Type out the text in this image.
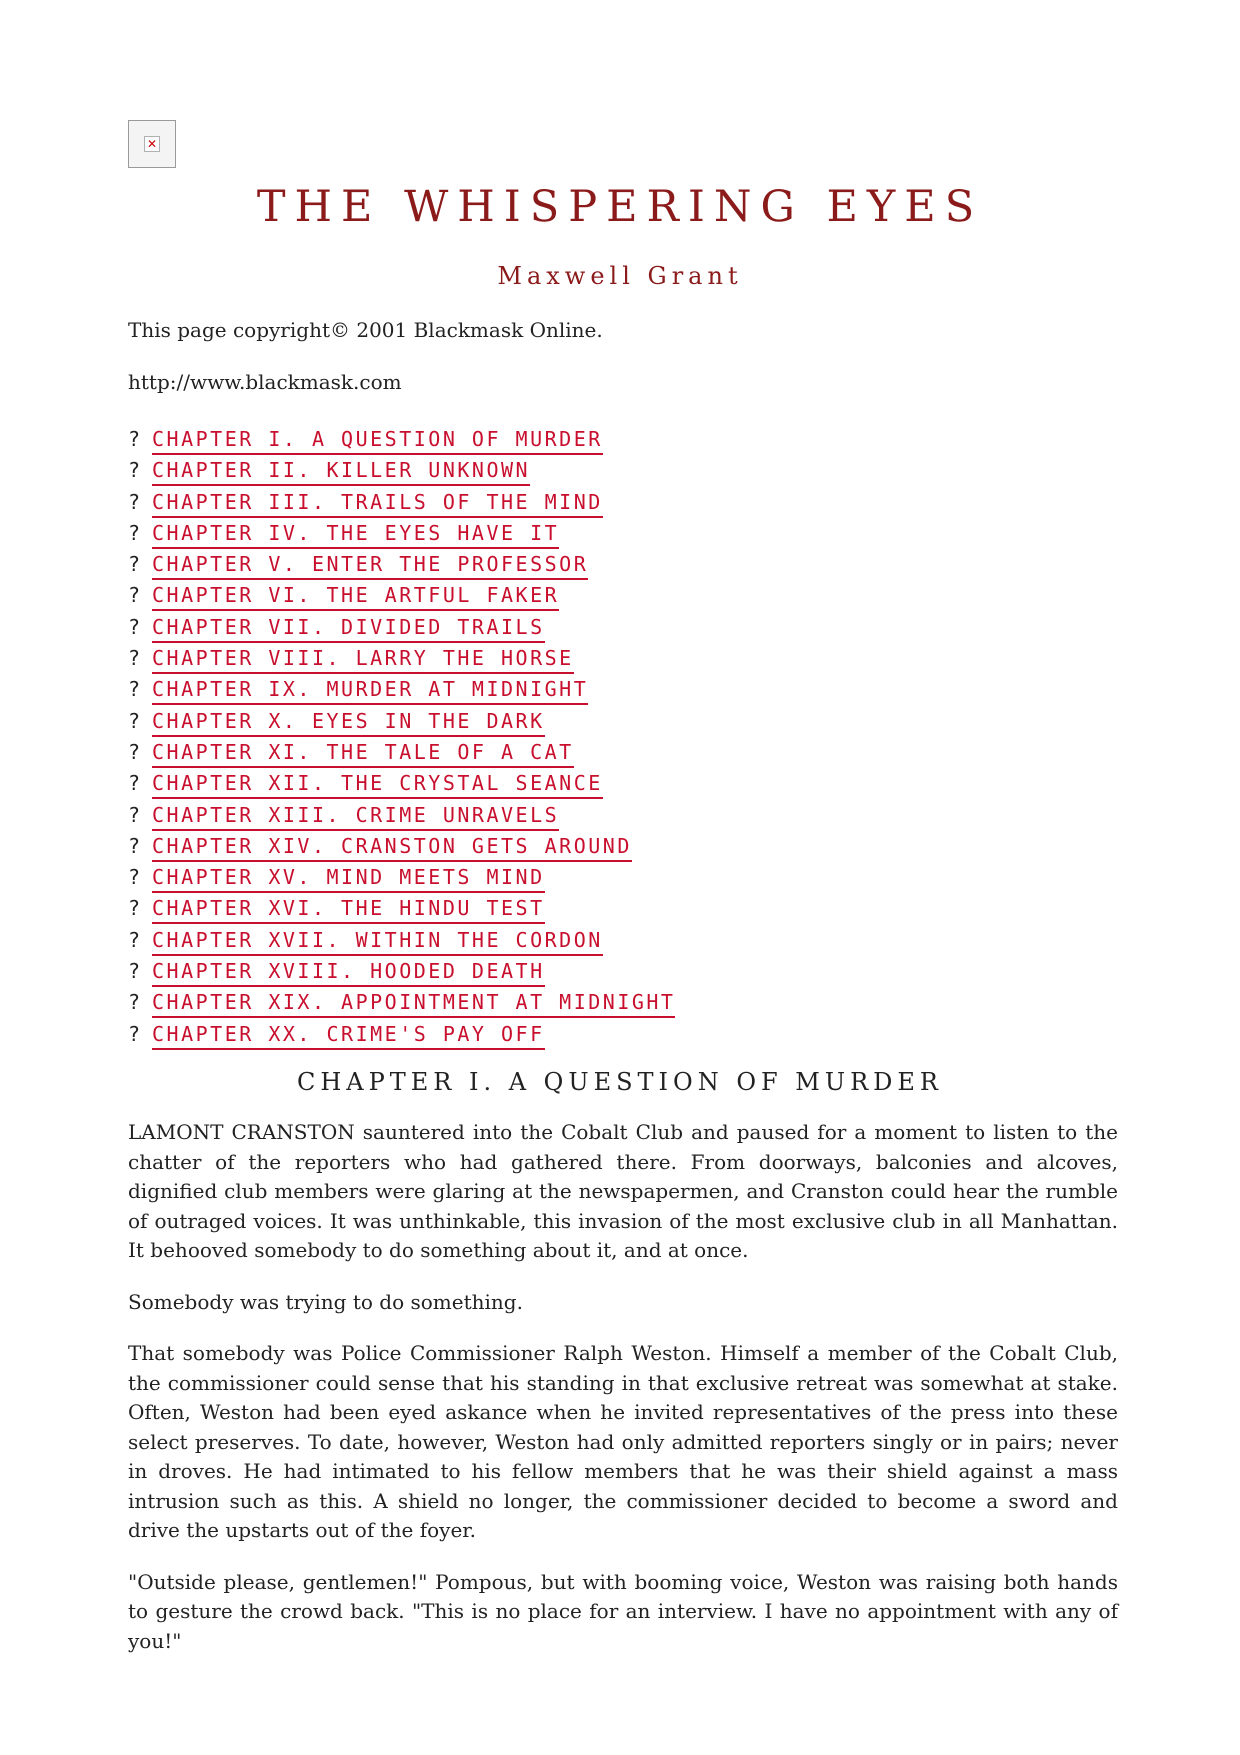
✕
THE WHISPERING EYES
Maxwell Grant
This page copyright© 2001 Blackmask Online.
http://www.blackmask.com
? CHAPTER I. A QUESTION OF MURDER
? CHAPTER II. KILLER UNKNOWN
? CHAPTER III. TRAILS OF THE MIND
? CHAPTER IV. THE EYES HAVE IT
? CHAPTER V. ENTER THE PROFESSOR
? CHAPTER VI. THE ARTFUL FAKER
? CHAPTER VII. DIVIDED TRAILS
? CHAPTER VIII. LARRY THE HORSE
? CHAPTER IX. MURDER AT MIDNIGHT
? CHAPTER X. EYES IN THE DARK
? CHAPTER XI. THE TALE OF A CAT
? CHAPTER XII. THE CRYSTAL SEANCE
? CHAPTER XIII. CRIME UNRAVELS
? CHAPTER XIV. CRANSTON GETS AROUND
? CHAPTER XV. MIND MEETS MIND
? CHAPTER XVI. THE HINDU TEST
? CHAPTER XVII. WITHIN THE CORDON
? CHAPTER XVIII. HOODED DEATH
? CHAPTER XIX. APPOINTMENT AT MIDNIGHT
? CHAPTER XX. CRIME'S PAY OFF
CHAPTER I. A QUESTION OF MURDER

LAMONT CRANSTON sauntered into the Cobalt Club and paused for a moment to listen to the chatter of the reporters who had gathered there. From doorways, balconies and alcoves, dignified club members were glaring at the newspapermen, and Cranston could hear the rumble of outraged voices. It was unthinkable, this invasion of the most exclusive club in all Manhattan. It behooved somebody to do something about it, and at once.

Somebody was trying to do something.

That somebody was Police Commissioner Ralph Weston. Himself a member of the Cobalt Club, the commissioner could sense that his standing in that exclusive retreat was somewhat at stake. Often, Weston had been eyed askance when he invited representatives of the press into these select preserves. To date, however, Weston had only admitted reporters singly or in pairs; never in droves. He had intimated to his fellow members that he was their shield against a mass intrusion such as this. A shield no longer, the commissioner decided to become a sword and drive the upstarts out of the foyer.

"Outside please, gentlemen!" Pompous, but with booming voice, Weston was raising both hands to gesture the crowd back. "This is no place for an interview. I have no appointment with any of you!"
